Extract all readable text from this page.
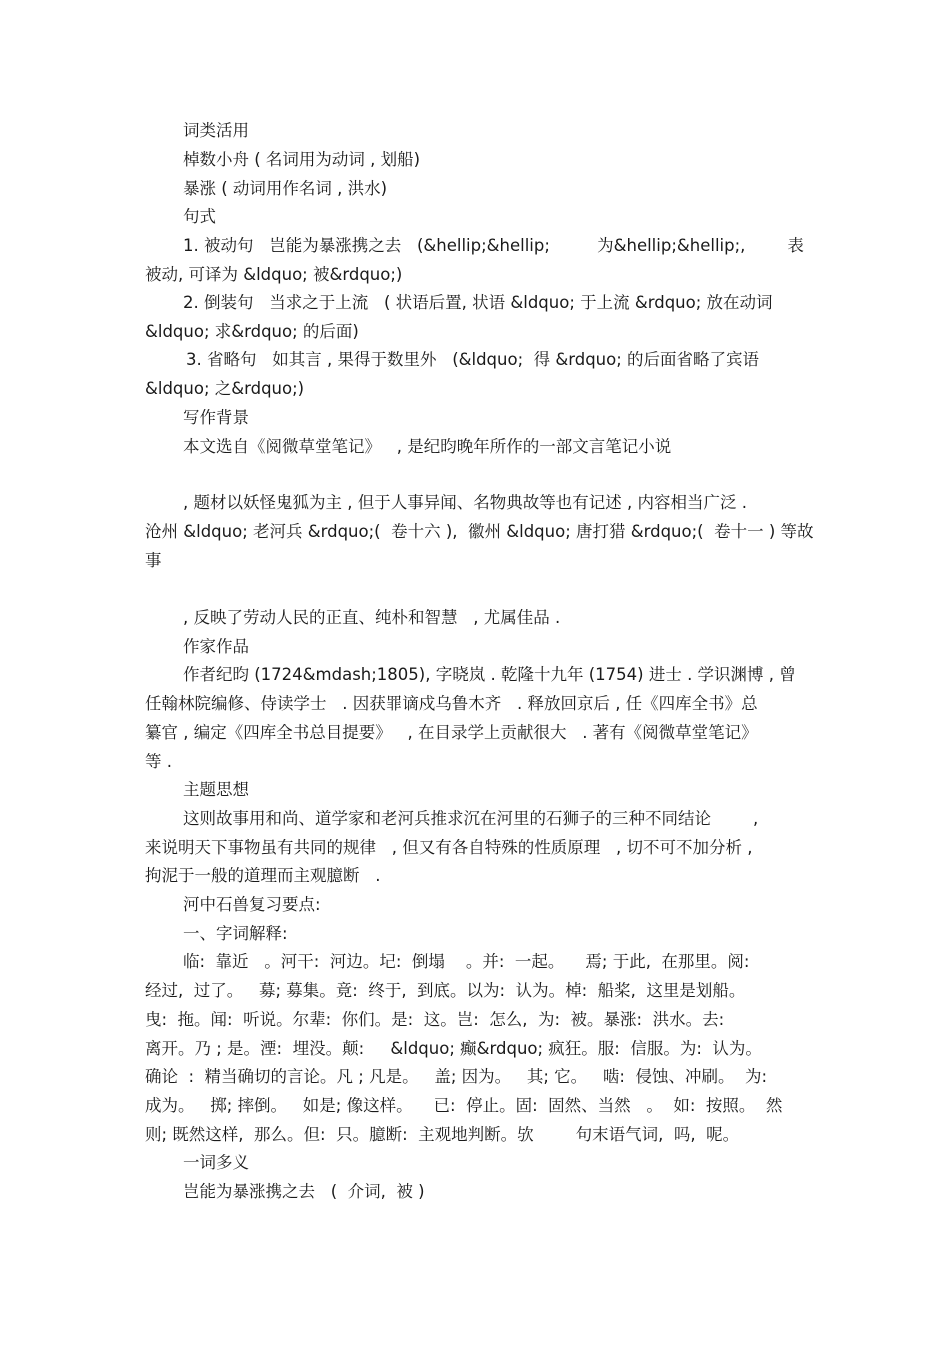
词类活用

棹数小舟 ( 名词用为动词 , 划船)

暴涨 ( 动词用作名词 , 洪水)

句式

1. 被动句   岂能为暴涨携之去   (&hellip;&hellip;         为&hellip;&hellip;,        表

被动, 可译为 &ldquo; 被&rdquo;)

2. 倒装句   当求之于上流   ( 状语后置, 状语 &ldquo; 于上流 &rdquo; 放在动词

&ldquo; 求&rdquo; 的后面)

3. 省略句   如其言 , 果得于数里外   (&ldquo;  得 &rdquo; 的后面省略了宾语

&ldquo; 之&rdquo;)

写作背景

本文选自《阅微草堂笔记》   , 是纪昀晚年所作的一部文言笔记小说

, 题材以妖怪鬼狐为主 , 但于人事异闻、名物典故等也有记述 , 内容相当广泛 .

沧州 &ldquo; 老河兵 &rdquo;(  卷十六 ),  徽州 &ldquo; 唐打猎 &rdquo;(  卷十一 ) 等故

事

, 反映了劳动人民的正直、纯朴和智慧   , 尤属佳品 .

作家作品

作者纪昀 (1724&mdash;1805), 字晓岚 . 乾隆十九年 (1754) 进士 . 学识渊博 , 曾

任翰林院编修、侍读学士   . 因获罪谪戍乌鲁木齐   . 释放回京后 , 任《四库全书》总

纂官 , 编定《四库全书总目提要》   , 在目录学上贡献很大   . 著有《阅微草堂笔记》

等 .

主题思想

这则故事用和尚、道学家和老河兵推求沉在河里的石狮子的三种不同结论        ,

来说明天下事物虽有共同的规律   , 但又有各自特殊的性质原理   , 切不可不加分析 ,

拘泥于一般的道理而主观臆断   .

河中石兽复习要点:

一、字词解释:

临:  靠近   。河干:  河边。圮:  倒塌    。并:  一起。    焉; 于此,  在那里。阅:

经过,  过了。   募; 募集。竟:  终于,  到底。以为:  认为。棹:  船桨,  这里是划船。

曳:  拖。闻:  听说。尔辈:  你们。是:  这。岂:  怎么,  为:  被。暴涨:  洪水。去:

离开。乃 ; 是。湮:  埋没。颠:     &ldquo; 癫&rdquo; 疯狂。服:  信服。为:  认为。

确论  :  精当确切的言论。凡 ; 凡是。   盖; 因为。   其; 它。   啮:  侵蚀、冲刷。  为:

成为。   掷; 摔倒。   如是; 像这样。    已:  停止。固:  固然、当然   。  如:  按照。  然

则; 既然这样,  那么。但:  只。臆断:  主观地判断。欤        句末语气词,  吗,  呢。

一词多义

岂能为暴涨携之去   (  介词,  被 )
